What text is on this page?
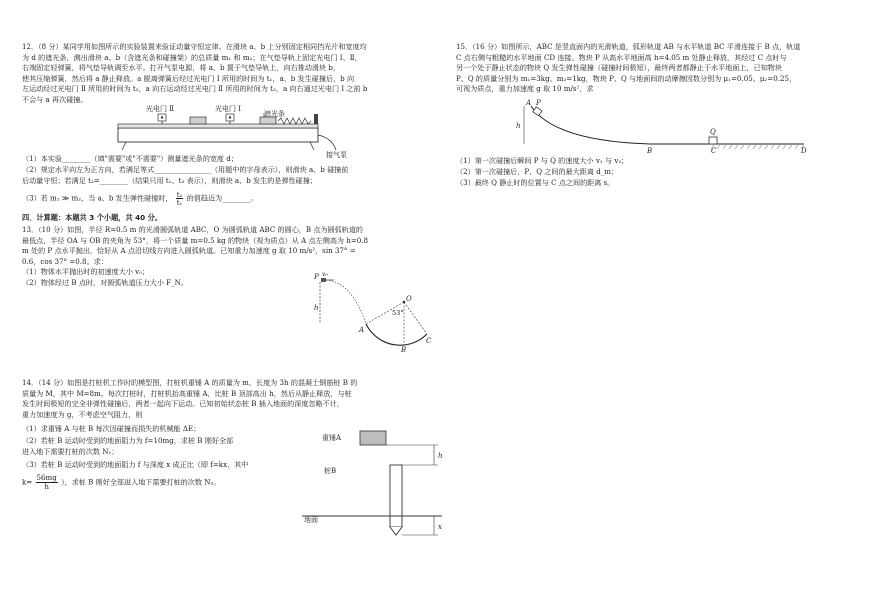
12．（8 分）某同学用如图所示的实验装置来验证动量守恒定律。在滑块 a、b 上分别固定相同挡光片和宽度均
为 d 的遮光条，测出滑块 a、b（含遮光条和碰撞架）的总质量 m₁ 和 m₂；在气垫导轨上固定光电门 Ⅰ、Ⅱ，
右端固定轻弹簧，将气垫导轨调至水平。打开气泵电源，将 a、b 置于气垫导轨上，向右推动滑块 b，
使其压缩弹簧，然后将 a 静止释放。a 脱离弹簧后经过光电门 Ⅰ 所用的时间为 t₁，a、b 发生碰撞后，b 向
左运动经过光电门 Ⅱ 所用的时间为 t₂，a 向右运动经过光电门 Ⅱ 所用的时间为 t₃，a 向右通过光电门 Ⅰ 之前 b
不会与 a 再次碰撞。
光电门 Ⅱ	光电门 Ⅰ
遮光条
接气泵
（1）本实验________（填"需要"或"不需要"）测量遮光条的宽度 d；
（2）规定水平向左为正方向，若满足等式________________（用题中的字母表示），则滑块 a、b 碰撞前
后动量守恒；若满足 t₂=________（结果只用 t₁、t₃ 表示），则滑块 a、b 发生的是弹性碰撞；
（3）若 m₁ ≫ m₂，当 a、b 发生弹性碰撞时， $\frac{\text{t₂}}{\text{t₁}}$ 的值趋近为________。
四．计算题：本题共 3 个小题，共 40 分。
13．（10 分）如图，半径 R=0.5 m 的光滑圆弧轨道 ABC，O 为圆弧轨道 ABC 的圆心，B 点为圆弧轨道的
最低点，半径 OA 与 OB 的夹角为 53°，将一个质量 m=0.5 kg 的物块（视为质点）从 A 点左侧高为 h=0.8
m 处的 P 点水平抛出，恰好从 A 点沿切线方向进入圆弧轨道。已知重力加速度 g 取 10 m/s²，sin 37° =
0.6，cos 37° =0.8。求：
（1）物体水平抛出时的初速度大小 v₀；
（2）物体经过 B 点时，对圆弧轨道压力大小 F_N。
P v₀
h
O
53°
A
B
C
14．（14 分）如图是打桩机工作时的模型图，打桩机重锤 A 的质量为 m，长度为 3h 的混凝土钢筋桩 B 的
质量为 M，其中 M=8m。每次打桩时，打桩机抬高重锤 A，比桩 B 顶部高出 h，然后从静止释放，与桩
发生时间极短的完全非弹性碰撞后，两者一起向下运动。已知初始状态桩 B 插入地面的深度忽略不计，
重力加速度为 g，不考虑空气阻力，则
（1）求重锤 A 与桩 B 每次因碰撞而损失的机械能 ΔE；
（2）若桩 B 运动时受到的地面阻力为 f=10mg，求桩 B 刚好全部
进入地下需要打桩的次数 N₁；
（3）若桩 B 运动时受到的地面阻力 f 与深度 x 成正比（即 f=kx，其中
$k= \frac{56mg}{h}$ ），求桩 B 刚好全部进入地下需要打桩的次数 N₂。
重锤A
h
桩B
地面
x
15．（16 分）如图所示，ABC 是竖直面内的光滑轨道，弧形轨道 AB 与水平轨道 BC 平滑连接于 B 点，轨道
C 点右侧与粗糙的水平地面 CD 连接。物块 P 从高水平地面高 h=4.05 m 处静止释放，其经过 C 点时与
另一个处于静止状态的物块 Q 发生弹性碰撞（碰撞时间极短），最终两者都静止于水平地面上，已知物块
P、Q 的质量分别为 m₁=3kg、m₂=1kg，物块 P、Q 与地面间的动摩擦因数分别为 μ₁=0.05、μ₂=0.25，
可视为质点，重力加速度 g 取 10 m/s²，求
A P
h
Q
B	C	D
（1）第一次碰撞后瞬间 P 与 Q 的速度大小 v₁ 与 v₂；
（2）第一次碰撞后，P、Q 之间的最大距离 d_m；
（3）最终 Q 静止时的位置与 C 点之间的距离 s。
